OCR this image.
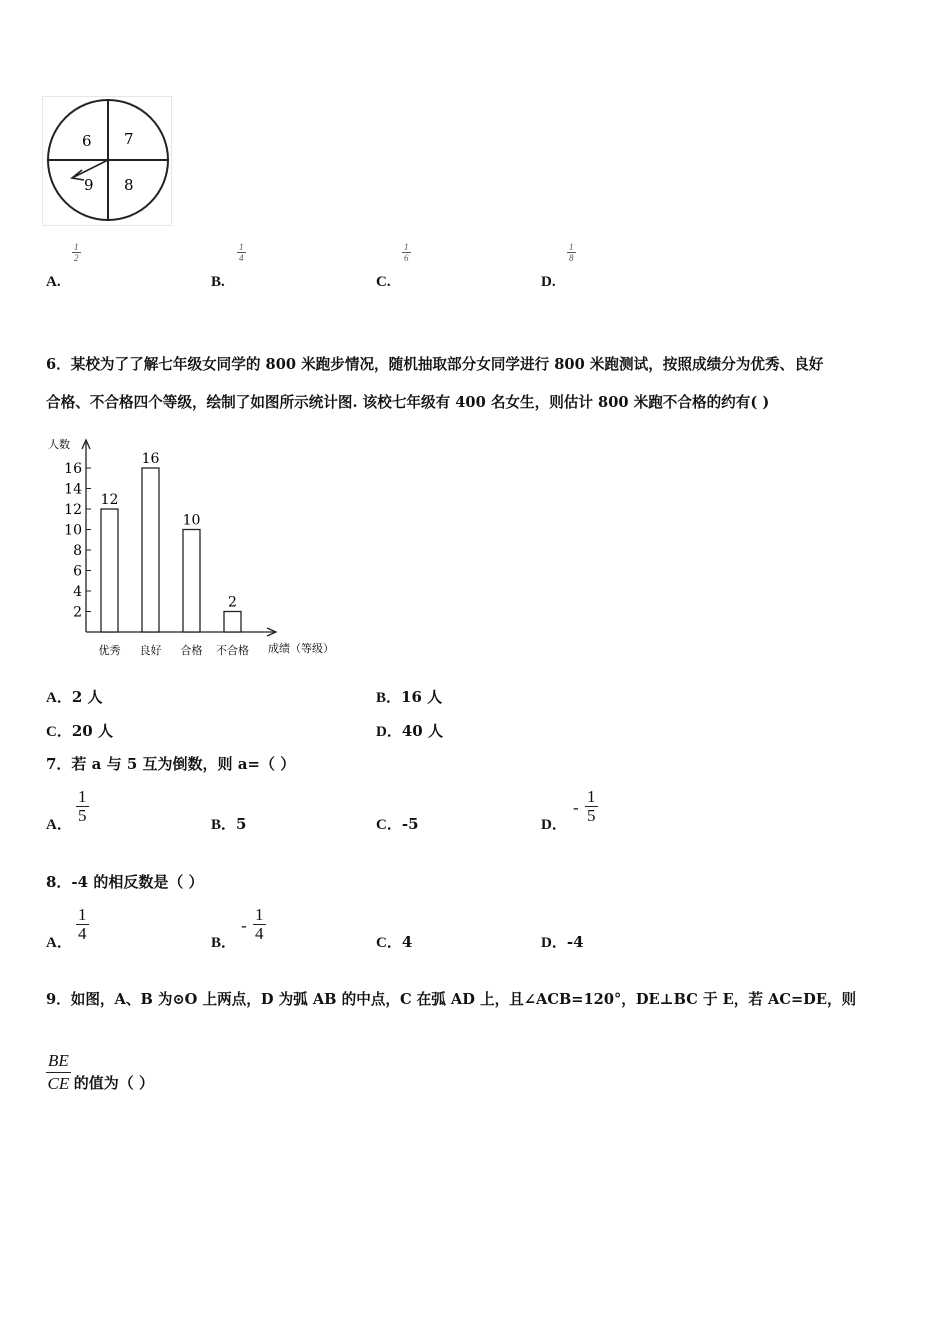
6 7
9 8
$\frac{1}{2}$
A.
$\frac{1}{4}$
B.
$\frac{1}{6}$
C.
$\frac{1}{8}$
D.
6．某校为了了解七年级女同学的 800 米跑步情况，随机抽取部分女同学进行 800 米跑测试，按照成绩分为优秀、良好
合格、不合格四个等级，绘制了如图所示统计图. 该校七年级有 400 名女生，则估计 800 米跑不合格的约有( )
人数
2
4
6
8
10
12
14
16
12
优秀
16
良好
10
合格
2
不合格 成绩（等级）
A．2 人	B．16 人
C．20 人	D．40 人
7．若 a 与 5 互为倒数，则 a=（ ）
A． $\frac{1}{5}$	B．5	C．-5	D．
- $\frac{1}{5}$
8．-4 的相反数是（ ）
A． $\frac{1}{4}$	B．
- $\frac{1}{4}$	C．4	D．-4
9．如图，A、B 为⊙O 上两点，D 为弧 AB 的中点，C 在弧 AD 上，且∠ACB=120°，DE⊥BC 于 E，若 AC=DE，则
$\frac{BE}{CE}$ 的值为（ ）
